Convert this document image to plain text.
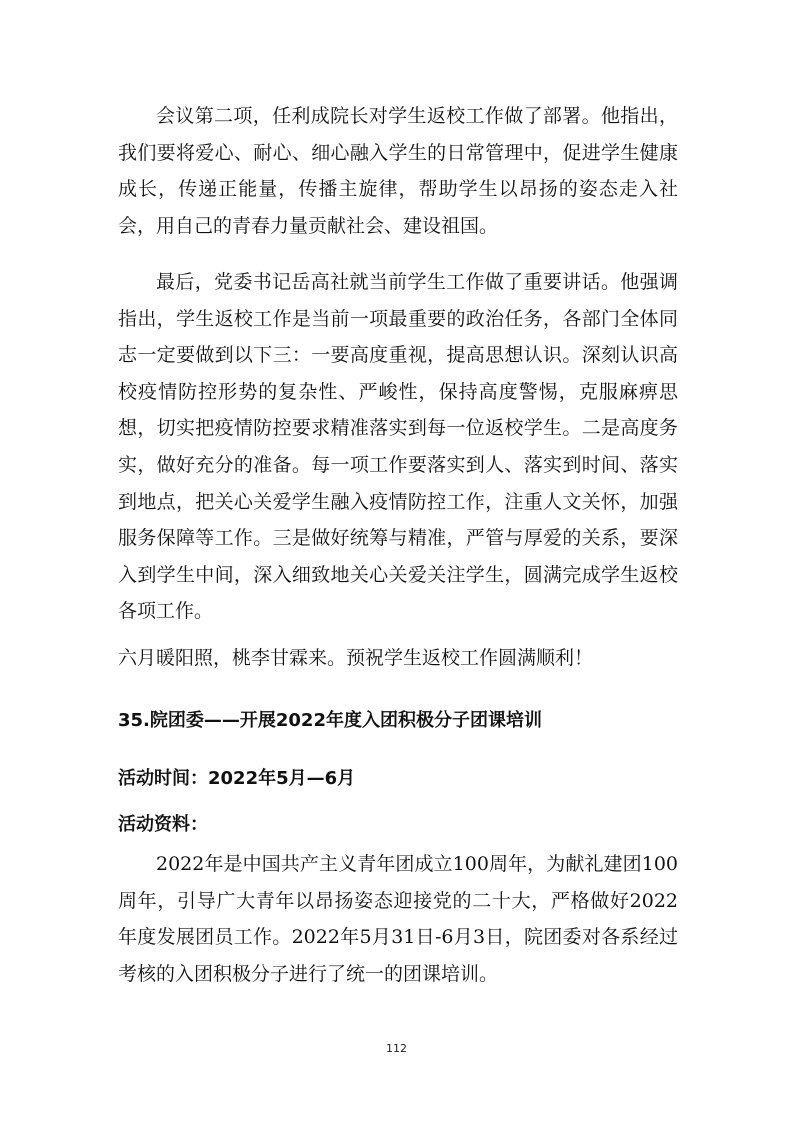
会议第二项，任利成院长对学生返校工作做了部署。他指出，我们要将爱心、耐心、细心融入学生的日常管理中，促进学生健康成长，传递正能量，传播主旋律，帮助学生以昂扬的姿态走入社会，用自己的青春力量贡献社会、建设祖国。

最后，党委书记岳高社就当前学生工作做了重要讲话。他强调指出，学生返校工作是当前一项最重要的政治任务，各部门全体同志一定要做到以下三：一要高度重视，提高思想认识。深刻认识高校疫情防控形势的复杂性、严峻性，保持高度警惕，克服麻痹思想，切实把疫情防控要求精准落实到每一位返校学生。二是高度务实，做好充分的准备。每一项工作要落实到人、落实到时间、落实到地点，把关心关爱学生融入疫情防控工作，注重人文关怀，加强服务保障等工作。三是做好统筹与精准，严管与厚爱的关系，要深入到学生中间，深入细致地关心关爱关注学生，圆满完成学生返校各项工作。

六月暖阳照，桃李甘霖来。预祝学生返校工作圆满顺利！

35.院团委——开展2022年度入团积极分子团课培训
活动时间：2022年5月—6月
活动资料：

2022年是中国共产主义青年团成立100周年，为献礼建团100周年，引导广大青年以昂扬姿态迎接党的二十大，严格做好2022年度发展团员工作。2022年5月31日-6月3日，院团委对各系经过考核的入团积极分子进行了统一的团课培训。

112
